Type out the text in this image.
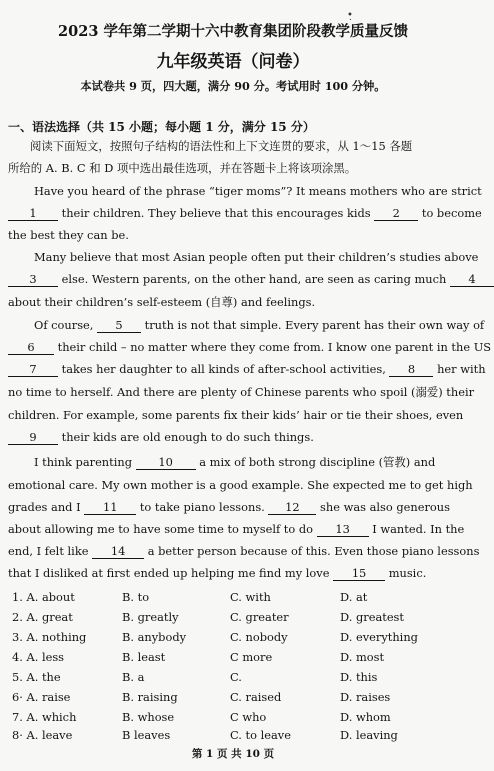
•̣
2023 学年第二学期十六中教育集团阶段教学质量反馈
九年级英语（问卷）
本试卷共 9 页，四大题，满分 90 分。考试用时 100 分钟。
一、语法选择（共 15 小题；每小题 1 分，满分 15 分）
阅读下面短文，按照句子结构的语法性和上下文连贯的要求，从 1～15 各题
所给的 A. B. C 和 D 项中选出最佳选项，并在答题卡上将该项涂黑。
Have you heard of the phrase “tiger moms”? It means mothers who are strict
1 their children. They believe that this encourages kids 2 to become
the best they can be.
Many believe that most Asian people often put their children’s studies above
3 else. Western parents, on the other hand, are seen as caring much 4
about their children’s self-esteem (自尊) and feelings.
Of course, 5 truth is not that simple. Every parent has their own way of
6 their child – no matter where they come from. I know one parent in the US
7 takes her daughter to all kinds of after-school activities, 8 her with
no time to herself. And there are plenty of Chinese parents who spoil (溺爱) their
children. For example, some parents fix their kids’ hair or tie their shoes, even
9 their kids are old enough to do such things.
I think parenting 10 a mix of both strong discipline (管教) and
emotional care. My own mother is a good example. She expected me to get high
grades and I 11 to take piano lessons. 12 she was also generous
about allowing me to have some time to myself to do 13 I wanted. In the
end, I felt like 14 a better person because of this. Even those piano lessons
that I disliked at first ended up helping me find my love 15 music.
1. A. about	B. to	C. with	D. at
2. A. great	B. greatly	C. greater	D. greatest
3. A. nothing	B. anybody	C. nobody	D. everything
4. A. less	B. least	C more	D. most
5. A. the	B. a	C.	D. this
6· A. raise	B. raising	C. raised	D. raises
7. A. which	B. whose	C who	D. whom
8· A. leave	B leaves	C. to leave	D. leaving
第 1 页 共 10 页
